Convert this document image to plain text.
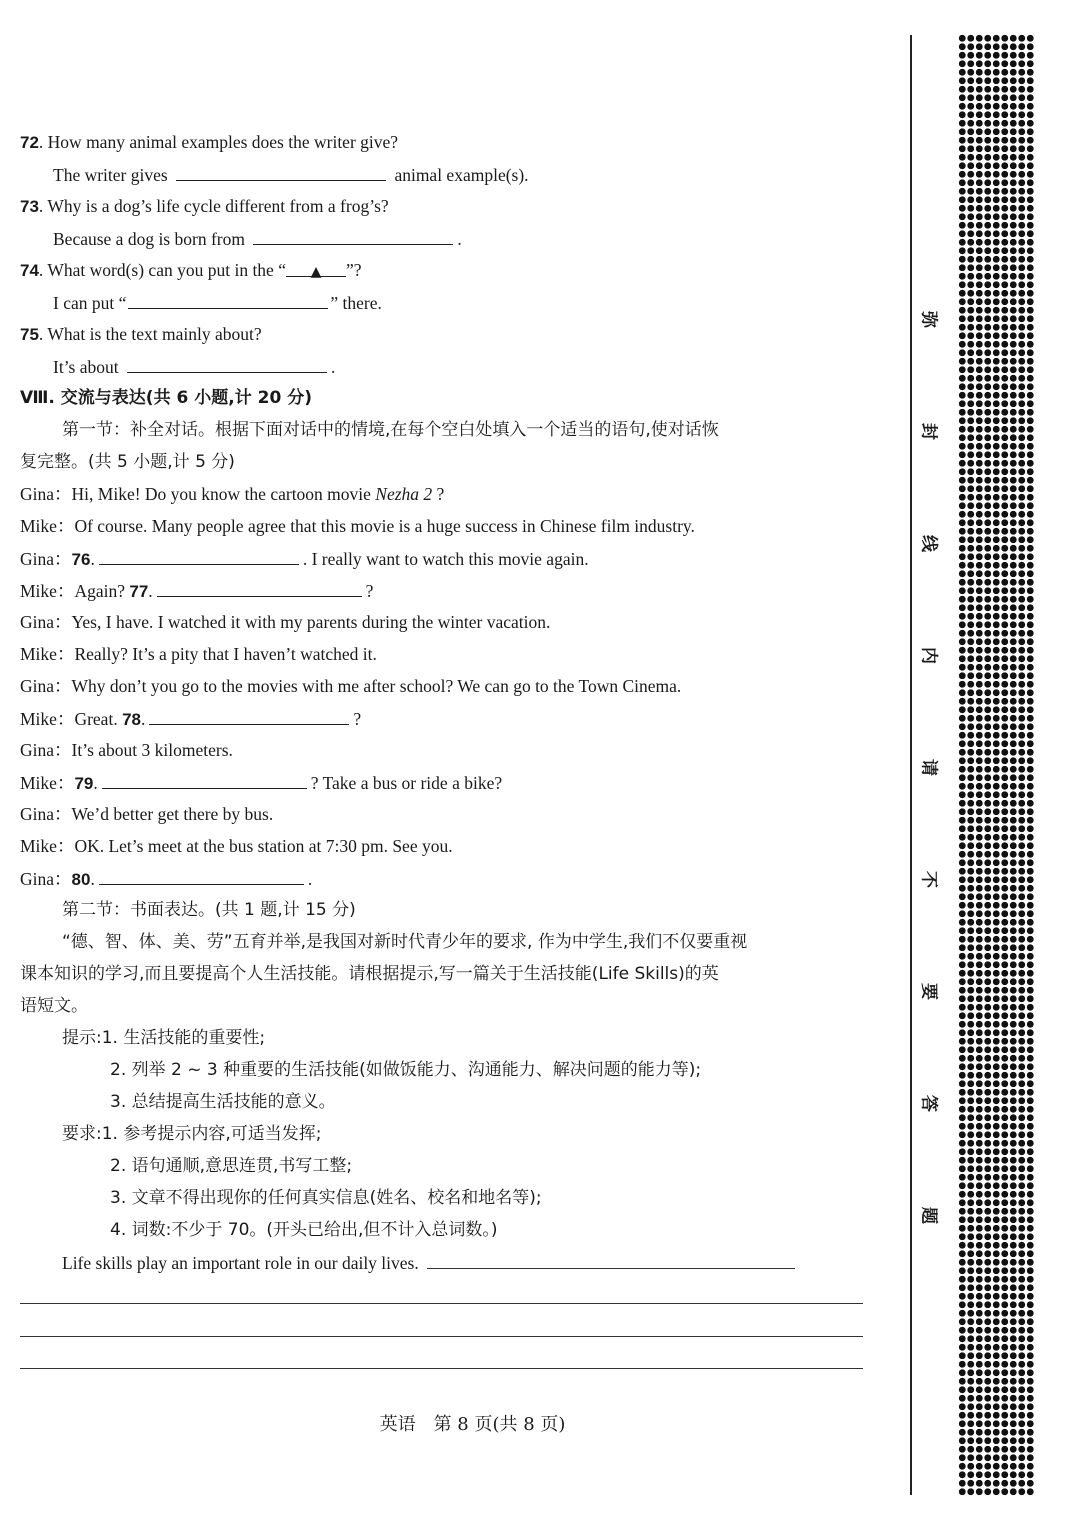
72. How many animal examples does the writer give?
The writer gives	animal example(s).
73. Why is a dog’s life cycle different from a frog’s?
Because a dog is born from	.
74. What word(s) can you put in the “ ▲ ”?
I can put “	” there.
75. What is the text mainly about?
It’s about	.
Ⅷ. 交流与表达(共 6 小题,计 20 分)
第一节：补全对话。根据下面对话中的情境,在每个空白处填入一个适当的语句,使对话恢
复完整。(共 5 小题,计 5 分)
Gina：Hi, Mike! Do you know the cartoon movie Nezha 2 ?
Mike：Of course. Many people agree that this movie is a huge success in Chinese film industry.
Gina：76.	. I really want to watch this movie again.
Mike：Again? 77.	?
Gina：Yes, I have. I watched it with my parents during the winter vacation.
Mike：Really? It’s a pity that I haven’t watched it.
Gina：Why don’t you go to the movies with me after school? We can go to the Town Cinema.
Mike：Great. 78.	?
Gina：It’s about 3 kilometers.
Mike：79.	? Take a bus or ride a bike?
Gina：We’d better get there by bus.
Mike：OK. Let’s meet at the bus station at 7:30 pm. See you.
Gina：80.	.
第二节：书面表达。(共 1 题,计 15 分)
“德、智、体、美、劳”五育并举,是我国对新时代青少年的要求, 作为中学生,我们不仅要重视
课本知识的学习,而且要提高个人生活技能。请根据提示,写一篇关于生活技能(Life Skills)的英
语短文。
提示:1. 生活技能的重要性;
2. 列举 2 ~ 3 种重要的生活技能(如做饭能力、沟通能力、解决问题的能力等);
3. 总结提高生活技能的意义。
要求:1. 参考提示内容,可适当发挥;
2. 语句通顺,意思连贯,书写工整;
3. 文章不得出现你的任何真实信息(姓名、校名和地名等);
4. 词数:不少于 70。(开头已给出,但不计入总词数。)
Life skills play an important role in our daily lives.
英语　第 8 页(共 8 页)
弥
封
线
内
请
不
要
答
题
